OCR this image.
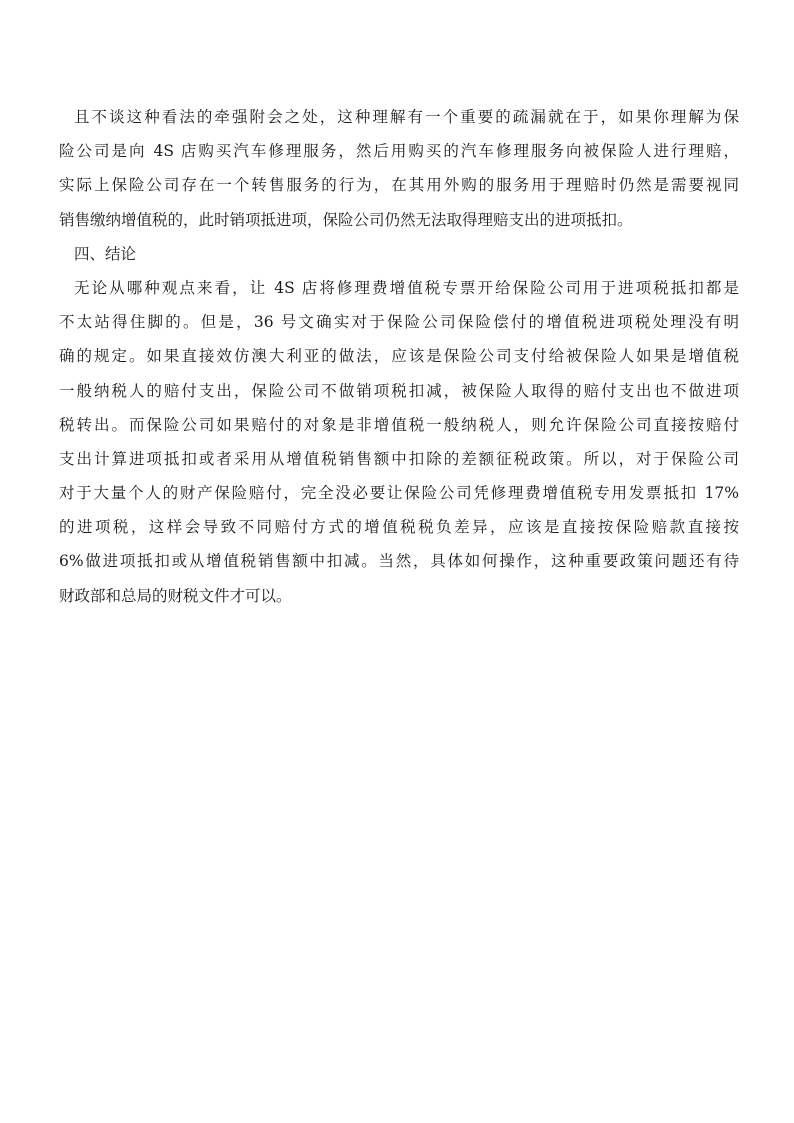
且不谈这种看法的牵强附会之处，这种理解有一个重要的疏漏就在于，如果你理解为保
险公司是向 4S 店购买汽车修理服务，然后用购买的汽车修理服务向被保险人进行理赔，
实际上保险公司存在一个转售服务的行为，在其用外购的服务用于理赔时仍然是需要视同
销售缴纳增值税的，此时销项抵进项，保险公司仍然无法取得理赔支出的进项抵扣。
四、结论
无论从哪种观点来看，让 4S 店将修理费增值税专票开给保险公司用于进项税抵扣都是
不太站得住脚的。但是，36 号文确实对于保险公司保险偿付的增值税进项税处理没有明
确的规定。如果直接效仿澳大利亚的做法，应该是保险公司支付给被保险人如果是增值税
一般纳税人的赔付支出，保险公司不做销项税扣减，被保险人取得的赔付支出也不做进项
税转出。而保险公司如果赔付的对象是非增值税一般纳税人，则允许保险公司直接按赔付
支出计算进项抵扣或者采用从增值税销售额中扣除的差额征税政策。所以，对于保险公司
对于大量个人的财产保险赔付，完全没必要让保险公司凭修理费增值税专用发票抵扣 17%
的进项税，这样会导致不同赔付方式的增值税税负差异，应该是直接按保险赔款直接按
6%做进项抵扣或从增值税销售额中扣减。当然，具体如何操作，这种重要政策问题还有待
财政部和总局的财税文件才可以。
